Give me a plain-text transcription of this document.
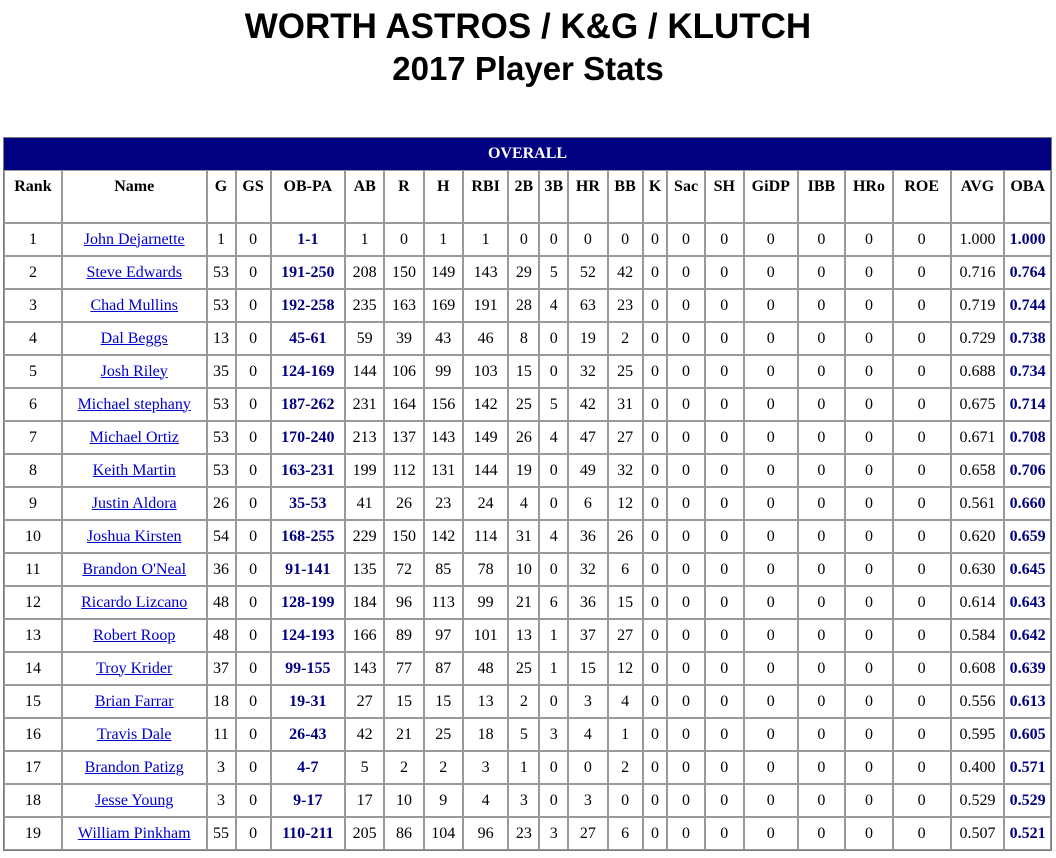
WORTH ASTROS / K&G / KLUTCH
2017 Player Stats
OVERALL																					
Rank	Name	G	GS	OB-PA	AB	R	H	RBI	2B	3B	HR	BB	K	Sac	SH	GiDP	IBB	HRo	ROE	AVG	OBA
1	John Dejarnette	1	0	1-1	1	0	1	1	0	0	0	0	0	0	0	0	0	0	0	1.000	1.000
2	Steve Edwards	53	0	191-250	208	150	149	143	29	5	52	42	0	0	0	0	0	0	0	0.716	0.764
3	Chad Mullins	53	0	192-258	235	163	169	191	28	4	63	23	0	0	0	0	0	0	0	0.719	0.744
4	Dal Beggs	13	0	45-61	59	39	43	46	8	0	19	2	0	0	0	0	0	0	0	0.729	0.738
5	Josh Riley	35	0	124-169	144	106	99	103	15	0	32	25	0	0	0	0	0	0	0	0.688	0.734
6	Michael stephany	53	0	187-262	231	164	156	142	25	5	42	31	0	0	0	0	0	0	0	0.675	0.714
7	Michael Ortiz	53	0	170-240	213	137	143	149	26	4	47	27	0	0	0	0	0	0	0	0.671	0.708
8	Keith Martin	53	0	163-231	199	112	131	144	19	0	49	32	0	0	0	0	0	0	0	0.658	0.706
9	Justin Aldora	26	0	35-53	41	26	23	24	4	0	6	12	0	0	0	0	0	0	0	0.561	0.660
10	Joshua Kirsten	54	0	168-255	229	150	142	114	31	4	36	26	0	0	0	0	0	0	0	0.620	0.659
11	Brandon O'Neal	36	0	91-141	135	72	85	78	10	0	32	6	0	0	0	0	0	0	0	0.630	0.645
12	Ricardo Lizcano	48	0	128-199	184	96	113	99	21	6	36	15	0	0	0	0	0	0	0	0.614	0.643
13	Robert Roop	48	0	124-193	166	89	97	101	13	1	37	27	0	0	0	0	0	0	0	0.584	0.642
14	Troy Krider	37	0	99-155	143	77	87	48	25	1	15	12	0	0	0	0	0	0	0	0.608	0.639
15	Brian Farrar	18	0	19-31	27	15	15	13	2	0	3	4	0	0	0	0	0	0	0	0.556	0.613
16	Travis Dale	11	0	26-43	42	21	25	18	5	3	4	1	0	0	0	0	0	0	0	0.595	0.605
17	Brandon Patizg	3	0	4-7	5	2	2	3	1	0	0	2	0	0	0	0	0	0	0	0.400	0.571
18	Jesse Young	3	0	9-17	17	10	9	4	3	0	3	0	0	0	0	0	0	0	0	0.529	0.529
19	William Pinkham	55	0	110-211	205	86	104	96	23	3	27	6	0	0	0	0	0	0	0	0.507	0.521
